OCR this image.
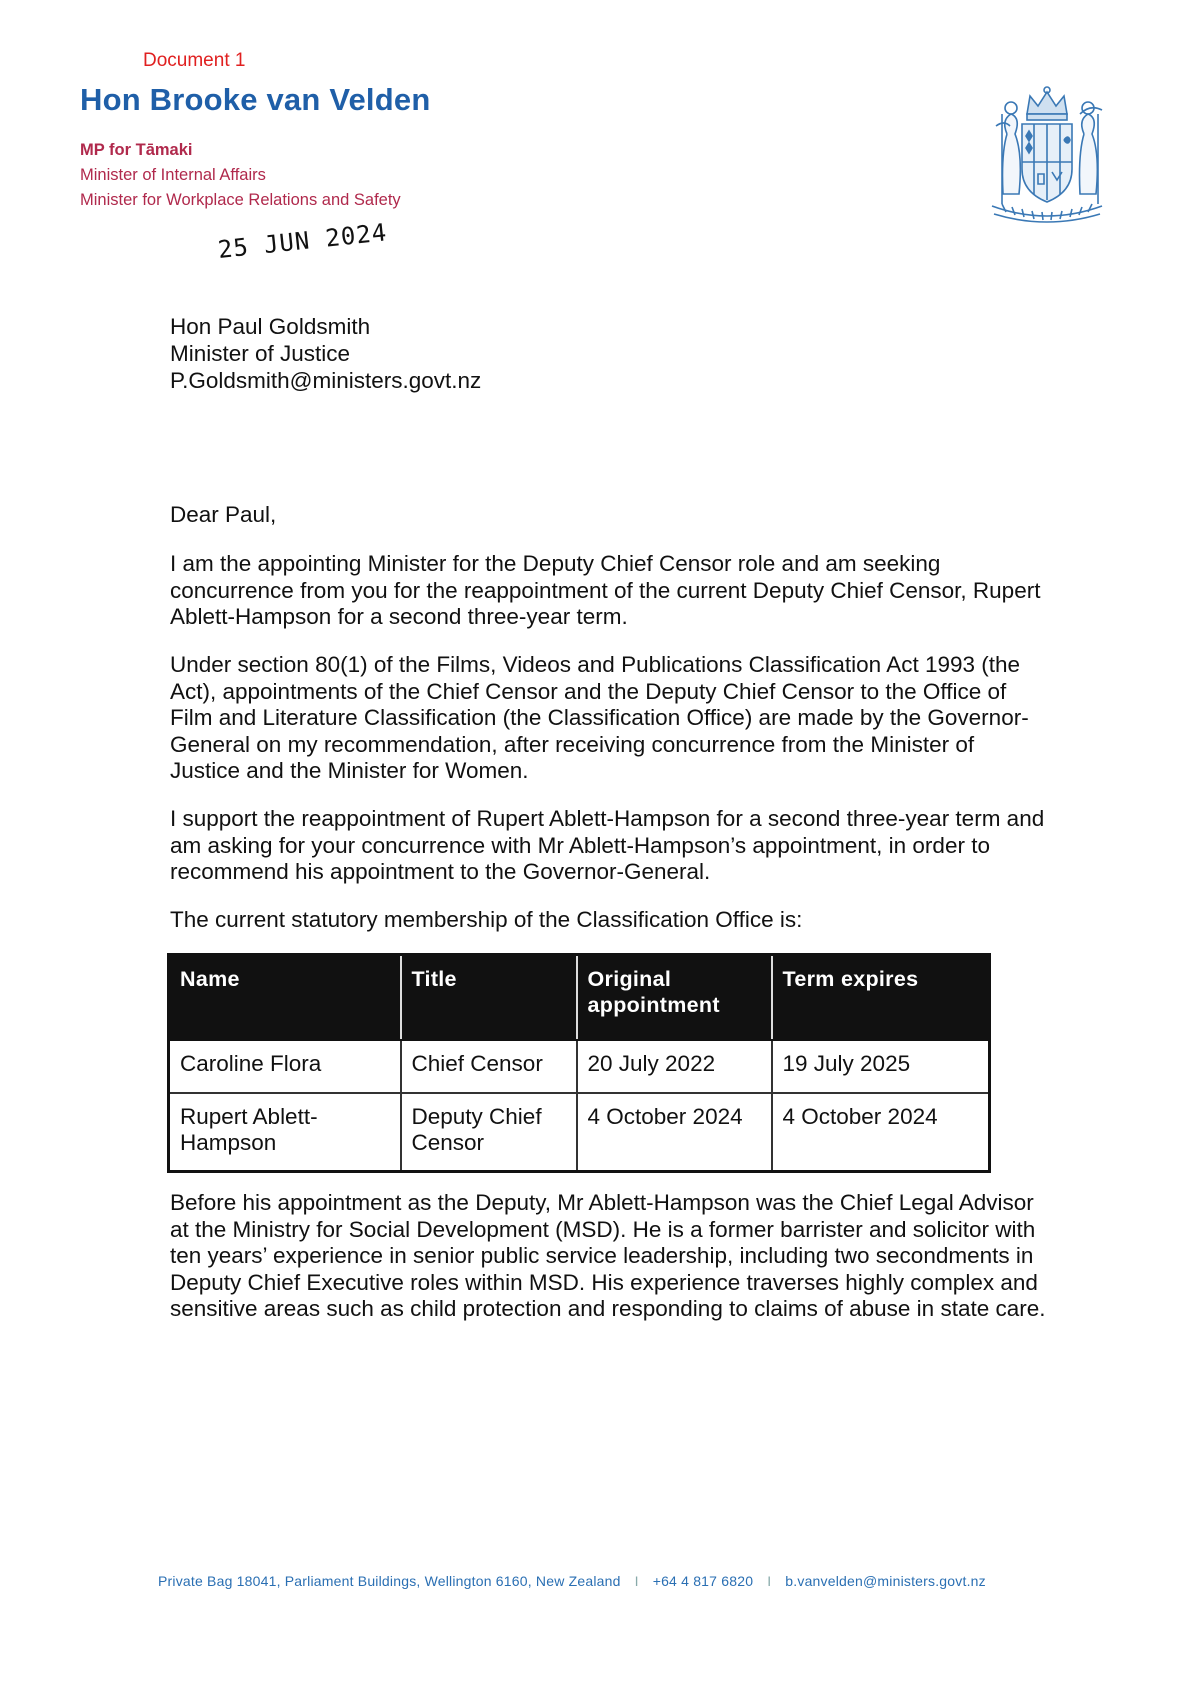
Document 1
Hon Brooke van Velden
MP for Tāmaki
Minister of Internal Affairs
Minister for Workplace Relations and Safety
25 JUN 2024
Hon Paul Goldsmith
Minister of Justice
P.Goldsmith@ministers.govt.nz
Dear Paul,
I am the appointing Minister for the Deputy Chief Censor role and am seeking concurrence from you for the reappointment of the current Deputy Chief Censor, Rupert Ablett-Hampson for a second three-year term.
Under section 80(1) of the Films, Videos and Publications Classification Act 1993 (the Act), appointments of the Chief Censor and the Deputy Chief Censor to the Office of Film and Literature Classification (the Classification Office) are made by the Governor-General on my recommendation, after receiving concurrence from the Minister of Justice and the Minister for Women.
I support the reappointment of Rupert Ablett-Hampson for a second three-year term and am asking for your concurrence with Mr Ablett-Hampson’s appointment, in order to recommend his appointment to the Governor-General.
The current statutory membership of the Classification Office is:
Name	Title	Original appointment	Term expires
Caroline Flora	Chief Censor	20 July 2022	19 July 2025
Rupert Ablett-Hampson	Deputy Chief Censor	4 October 2024	4 October 2024
Before his appointment as the Deputy, Mr Ablett-Hampson was the Chief Legal Advisor at the Ministry for Social Development (MSD). He is a former barrister and solicitor with ten years’ experience in senior public service leadership, including two secondments in Deputy Chief Executive roles within MSD. His experience traverses highly complex and sensitive areas such as child protection and responding to claims of abuse in state care.
Private Bag 18041, Parliament Buildings, Wellington 6160, New Zealand I +64 4 817 6820 I b.vanvelden@ministers.govt.nz
